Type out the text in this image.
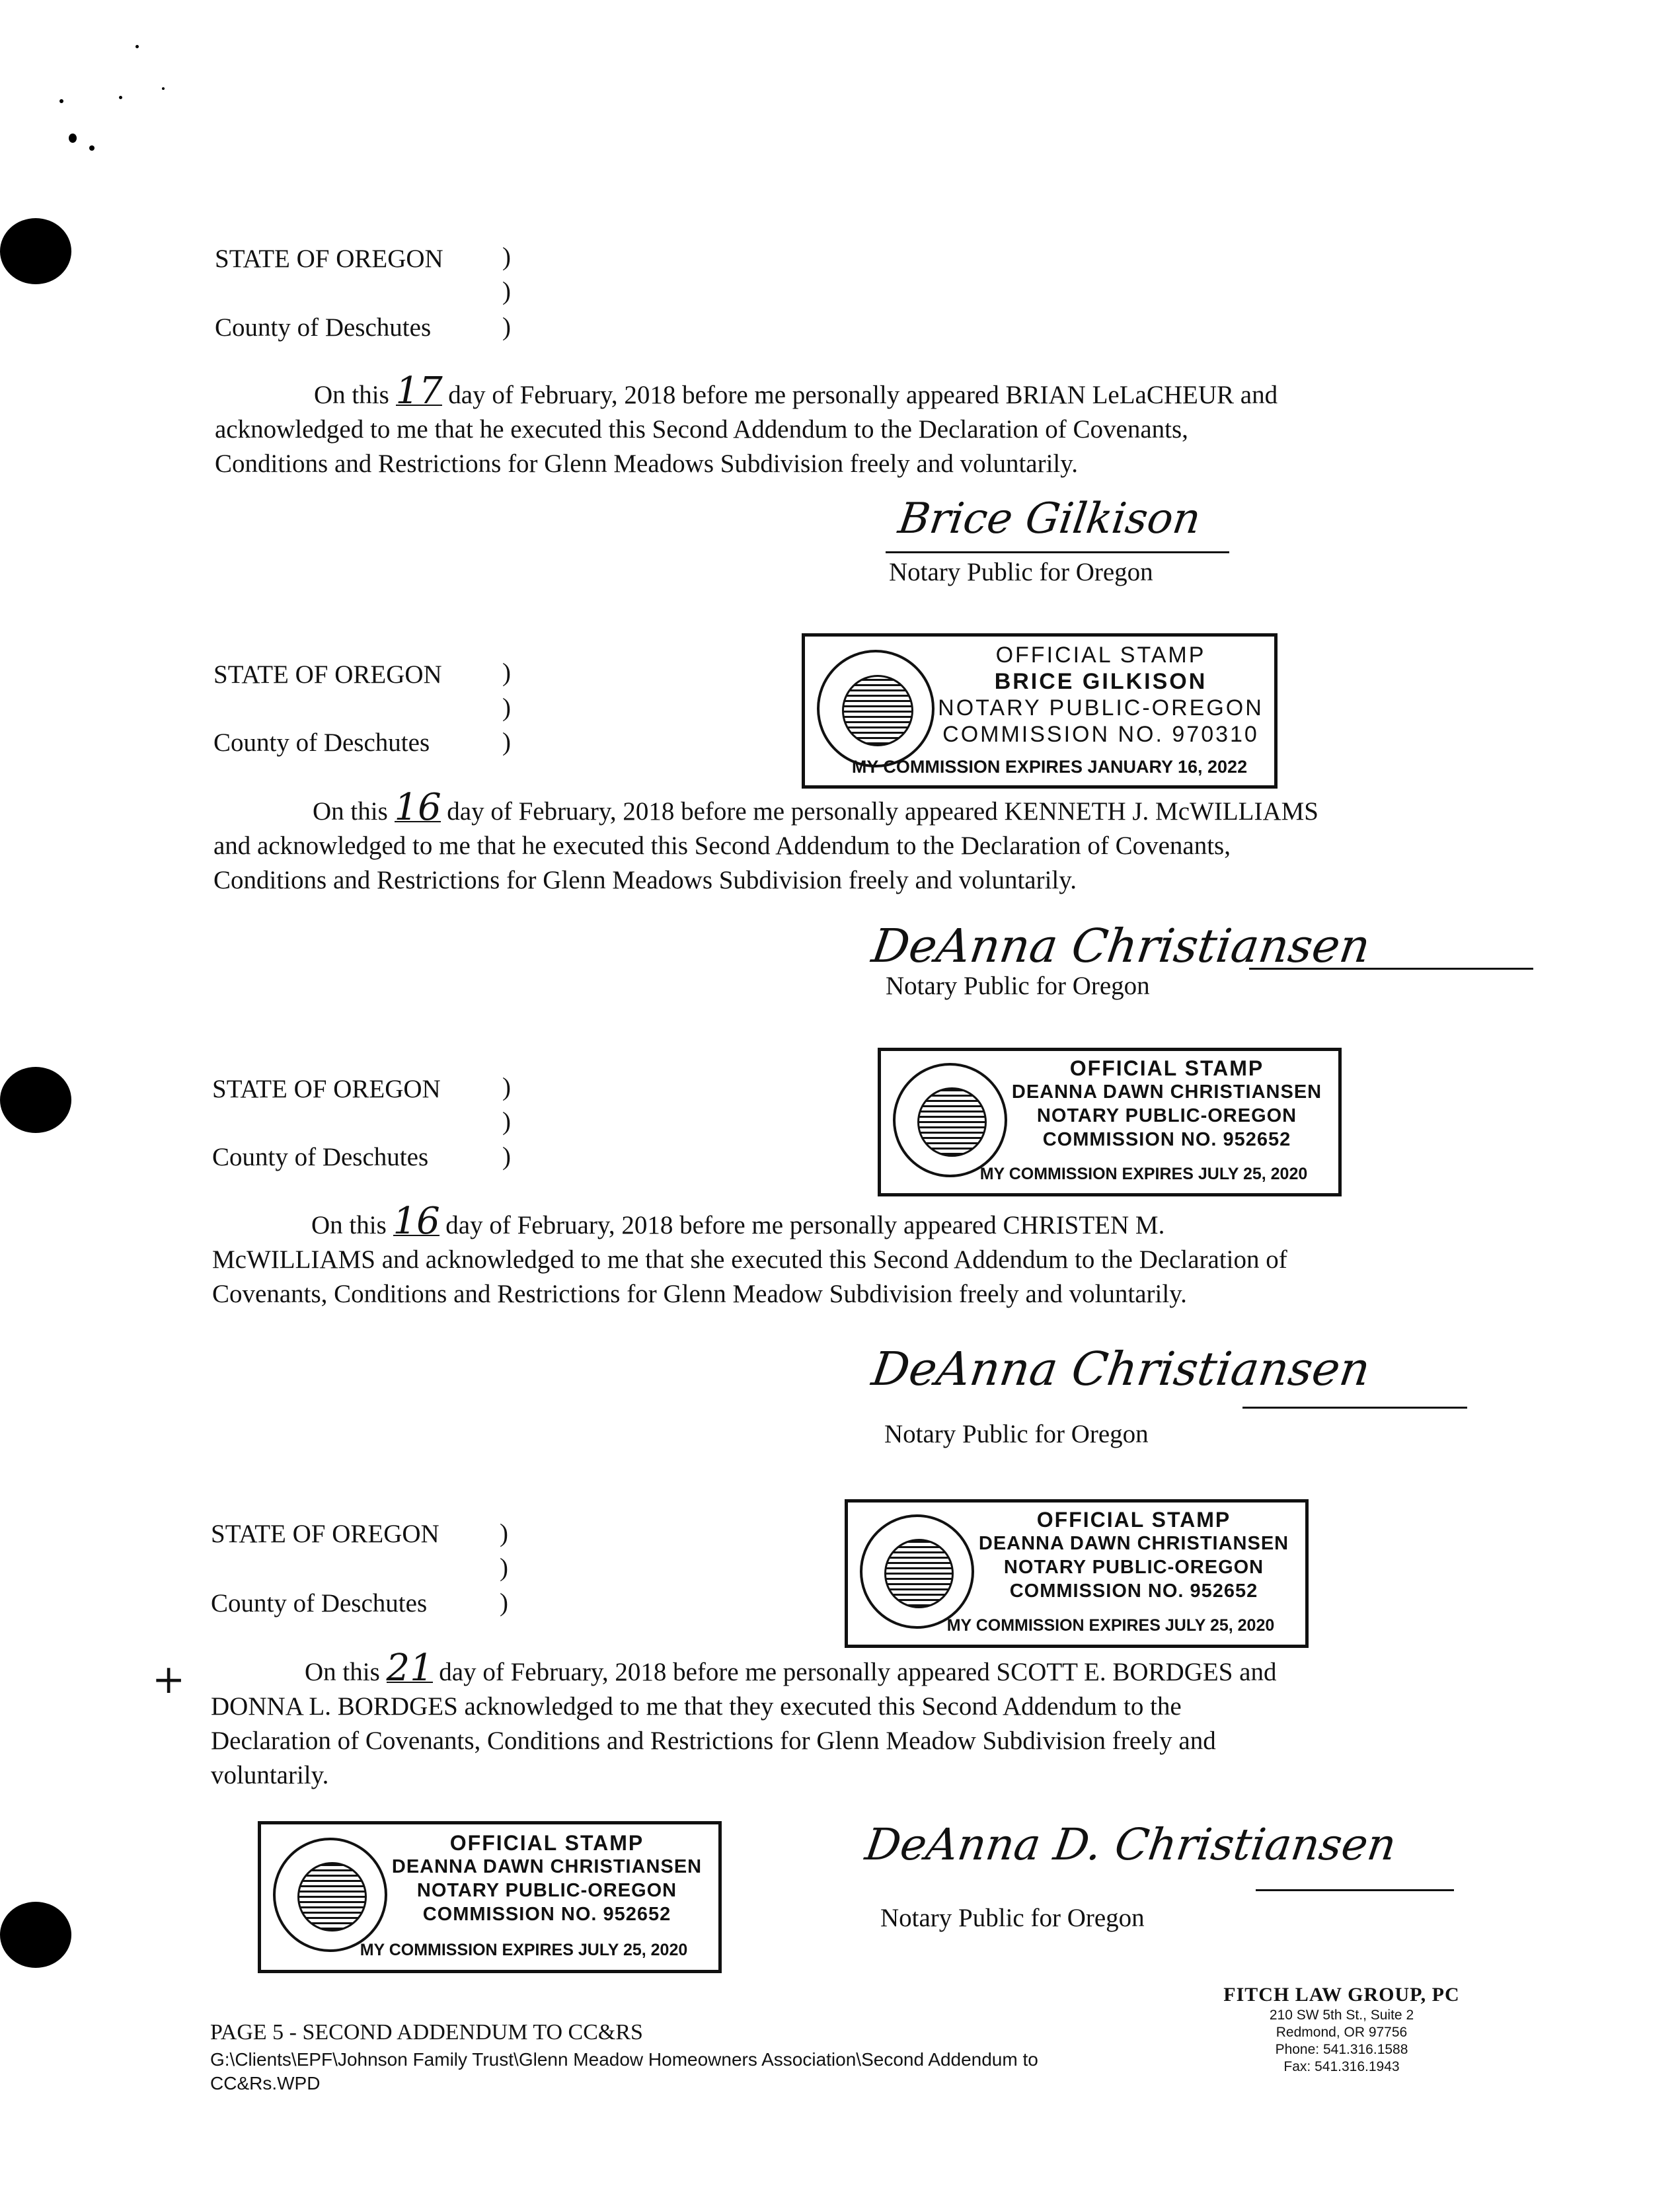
STATE OF OREGON )
)
County of Deschutes	)
On this 17 day of February, 2018 before me personally appeared BRIAN LeLaCHEUR and
acknowledged to me that he executed this Second Addendum to the Declaration of Covenants,
Conditions and Restrictions for Glenn Meadows Subdivision freely and voluntarily.
Brice Gilkison
Notary Public for Oregon
STATE OF OREGON )
)
County of Deschutes	)
OFFICIAL STAMP
BRICE GILKISON
NOTARY PUBLIC-OREGON
COMMISSION NO. 970310
MY COMMISSION EXPIRES JANUARY 16, 2022
On this 16 day of February, 2018 before me personally appeared KENNETH J. McWILLIAMS
and acknowledged to me that he executed this Second Addendum to the Declaration of Covenants,
Conditions and Restrictions for Glenn Meadows Subdivision freely and voluntarily.
DeAnna Christiansen
Notary Public for Oregon
STATE OF OREGON )
)
County of Deschutes	)
OFFICIAL STAMP
DEANNA DAWN CHRISTIANSEN
NOTARY PUBLIC-OREGON
COMMISSION NO. 952652
MY COMMISSION EXPIRES JULY 25, 2020
On this 16 day of February, 2018 before me personally appeared CHRISTEN M.
McWILLIAMS and acknowledged to me that she executed this Second Addendum to the Declaration of
Covenants, Conditions and Restrictions for Glenn Meadow Subdivision freely and voluntarily.
DeAnna Christiansen
Notary Public for Oregon
STATE OF OREGON )
)
County of Deschutes	)
OFFICIAL STAMP
DEANNA DAWN CHRISTIANSEN
NOTARY PUBLIC-OREGON
COMMISSION NO. 952652
MY COMMISSION EXPIRES JULY 25, 2020
+	On this 21 day of February, 2018 before me personally appeared SCOTT E. BORDGES and
DONNA L. BORDGES acknowledged to me that they executed this Second Addendum to the
Declaration of Covenants, Conditions and Restrictions for Glenn Meadow Subdivision freely and
voluntarily.
OFFICIAL STAMP
DEANNA DAWN CHRISTIANSEN
NOTARY PUBLIC-OREGON
COMMISSION NO. 952652
MY COMMISSION EXPIRES JULY 25, 2020
DeAnna D. Christiansen
Notary Public for Oregon
PAGE 5 - SECOND ADDENDUM TO CC&RS
G:\Clients\EPF\Johnson Family Trust\Glenn Meadow Homeowners Association\Second Addendum to
CC&Rs.WPD
FITCH LAW GROUP, PC
210 SW 5th St., Suite 2
Redmond, OR 97756
Phone: 541.316.1588
Fax: 541.316.1943
